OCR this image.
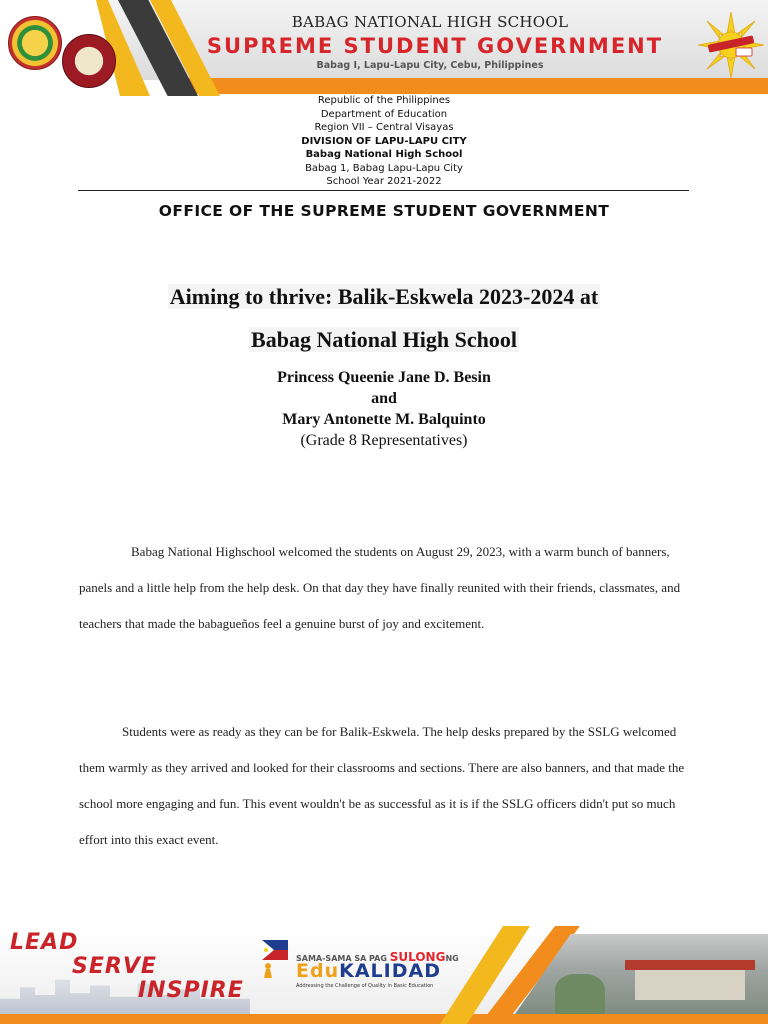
BABAG NATIONAL HIGH SCHOOL
SUPREME STUDENT GOVERNMENT
Babag I, Lapu-Lapu City, Cebu, Philippines
Republic of the Philippines
Department of Education
Region VII – Central Visayas
DIVISION OF LAPU-LAPU CITY
Babag National High School
Babag 1, Babag Lapu-Lapu City
School Year 2021-2022
OFFICE OF THE SUPREME STUDENT GOVERNMENT
Aiming to thrive: Balik-Eskwela 2023-2024 at
Babag National High School
Princess Queenie Jane D. Besin
and
Mary Antonette M. Balquinto
(Grade 8 Representatives)
Babag National Highschool welcomed the students on August 29, 2023, with a warm bunch of banners, panels and a little help from the help desk. On that day they have finally reunited with their friends, classmates, and teachers that made the babagueños feel a genuine burst of joy and excitement.
Students were as ready as they can be for Balik-Eskwela. The help desks prepared by the SSLG welcomed them warmly as they arrived and looked for their classrooms and sections. There are also banners, and that made the school more engaging and fun. This event wouldn't be as successful as it is if the SSLG officers didn't put so much effort into this exact event.
LEAD
SERVE
INSPIRE
SAMA-SAMA SA PAG SULONGNG
EduKALIDAD
Addressing the Challenge of Quality in Basic Education
